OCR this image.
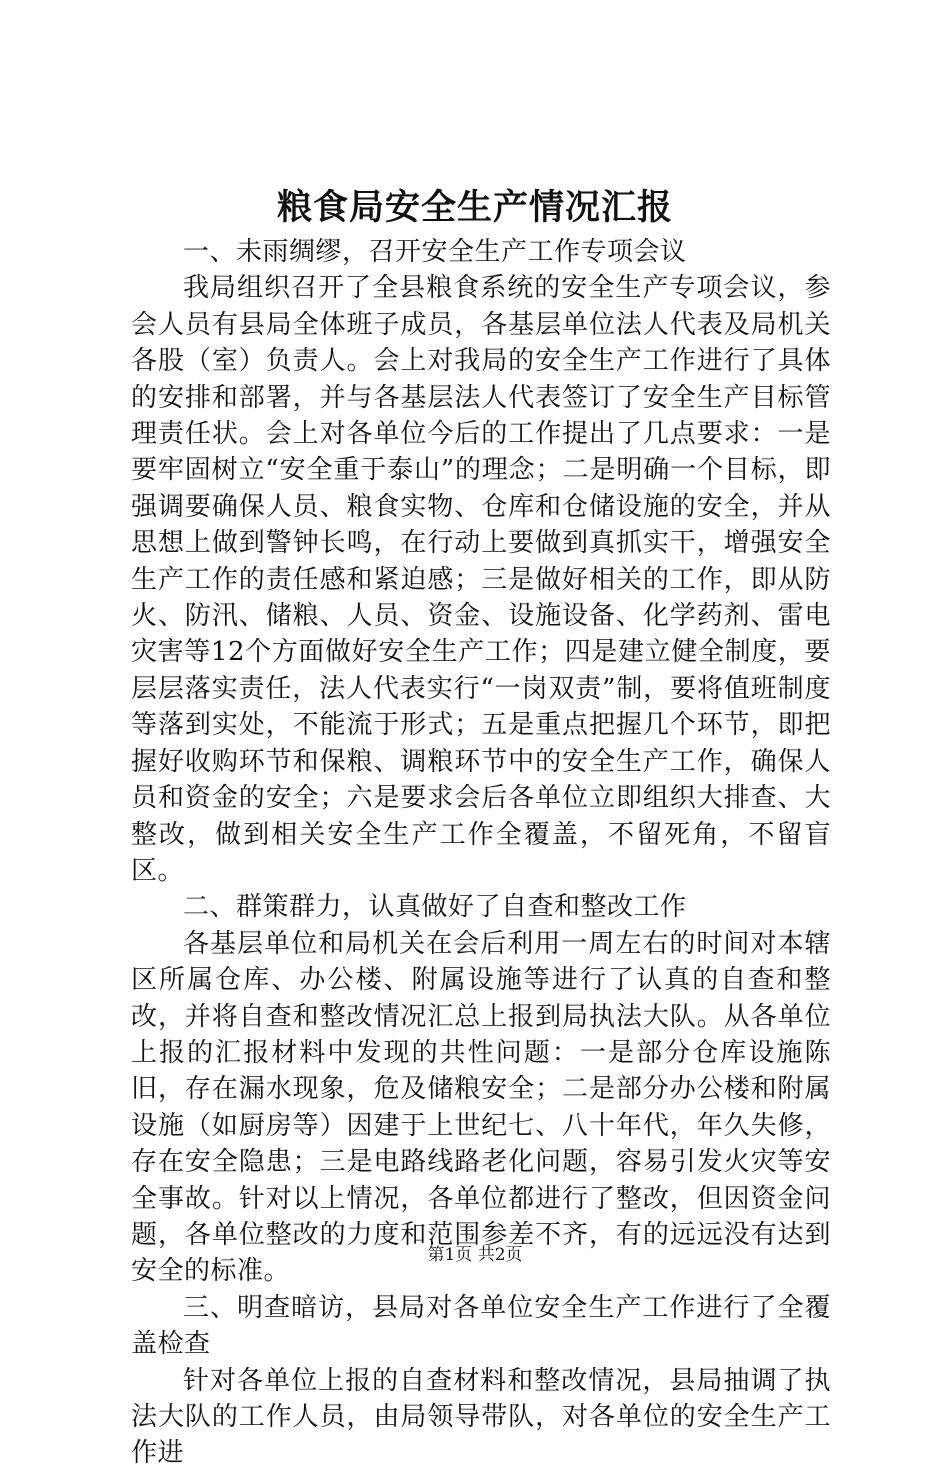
粮食局安全生产情况汇报

一、未雨绸缪，召开安全生产工作专项会议

我局组织召开了全县粮食系统的安全生产专项会议，参会人员有县局全体班子成员，各基层单位法人代表及局机关各股（室）负责人。会上对我局的安全生产工作进行了具体的安排和部署，并与各基层法人代表签订了安全生产目标管理责任状。会上对各单位今后的工作提出了几点要求：一是要牢固树立“安全重于泰山”的理念；二是明确一个目标，即强调要确保人员、粮食实物、仓库和仓储设施的安全，并从思想上做到警钟长鸣，在行动上要做到真抓实干，增强安全生产工作的责任感和紧迫感；三是做好相关的工作，即从防火、防汛、储粮、人员、资金、设施设备、化学药剂、雷电灾害等12个方面做好安全生产工作；四是建立健全制度，要层层落实责任，法人代表实行“一岗双责”制，要将值班制度等落到实处，不能流于形式；五是重点把握几个环节，即把握好收购环节和保粮、调粮环节中的安全生产工作，确保人员和资金的安全；六是要求会后各单位立即组织大排查、大整改，做到相关安全生产工作全覆盖，不留死角，不留盲区。

二、群策群力，认真做好了自查和整改工作

各基层单位和局机关在会后利用一周左右的时间对本辖区所属仓库、办公楼、附属设施等进行了认真的自查和整改，并将自查和整改情况汇总上报到局执法大队。从各单位上报的汇报材料中发现的共性问题：一是部分仓库设施陈旧，存在漏水现象，危及储粮安全；二是部分办公楼和附属设施（如厨房等）因建于上世纪七、八十年代，年久失修，存在安全隐患；三是电路线路老化问题，容易引发火灾等安全事故。针对以上情况，各单位都进行了整改，但因资金问题，各单位整改的力度和范围参差不齐，有的远远没有达到安全的标准。

三、明查暗访，县局对各单位安全生产工作进行了全覆盖检查

针对各单位上报的自查材料和整改情况，县局抽调了执法大队的工作人员，由局领导带队，对各单位的安全生产工作进

第1页 共2页
